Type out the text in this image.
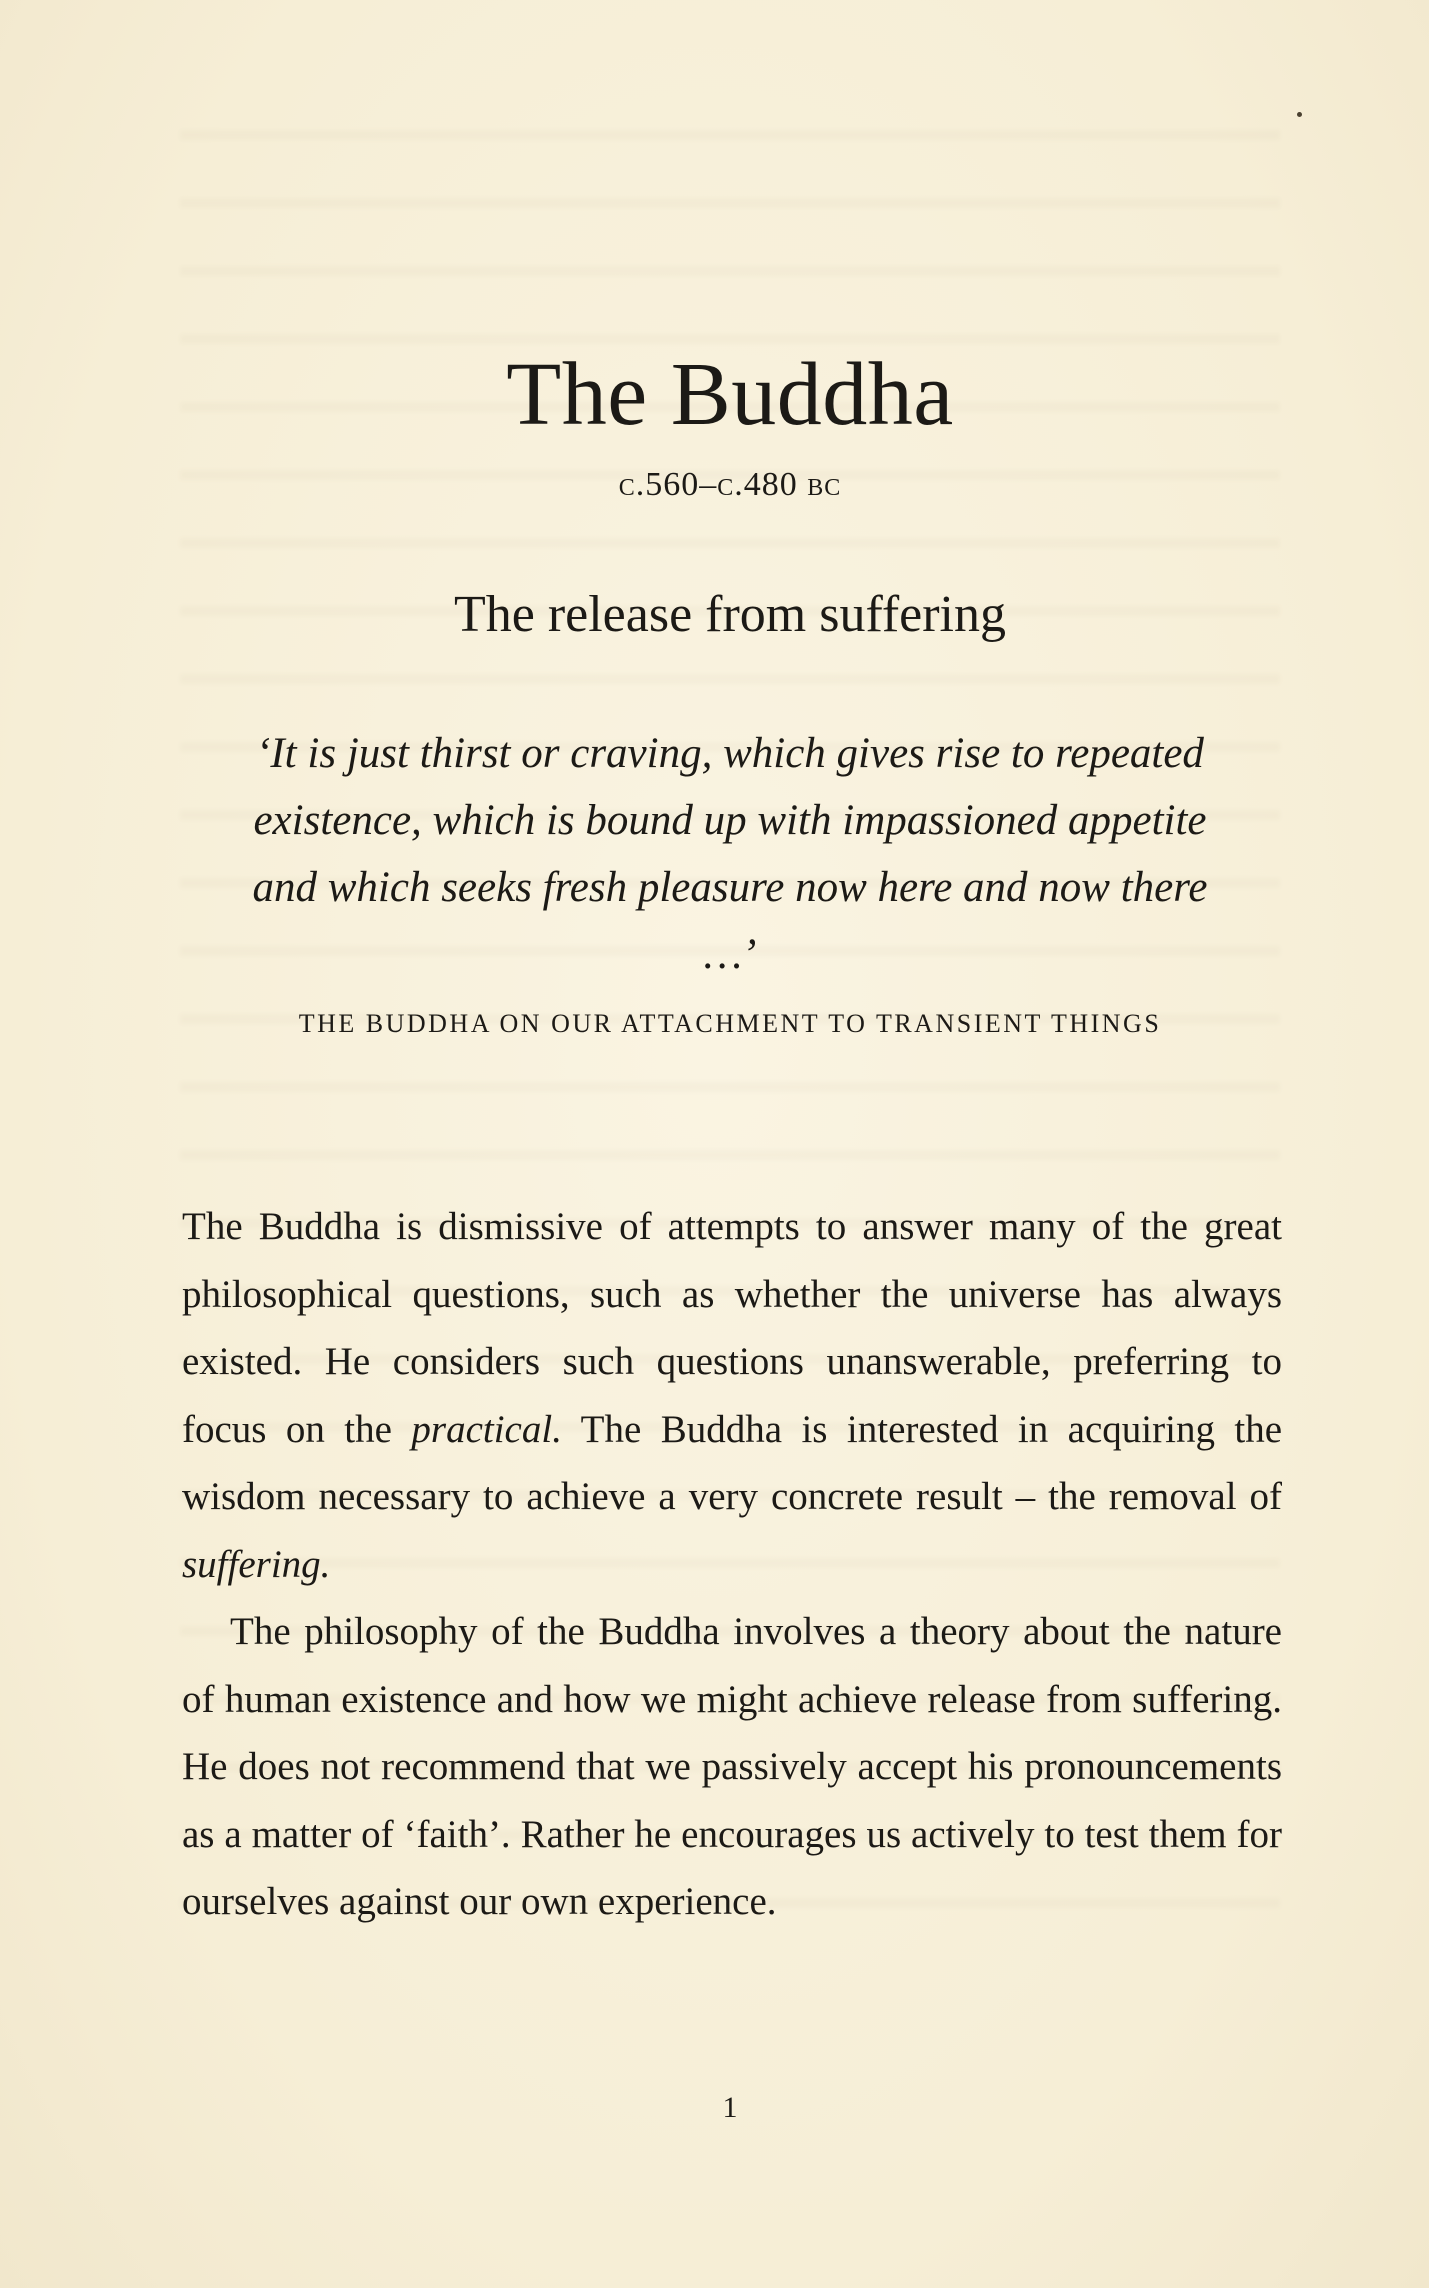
The Buddha
c.560–c.480 bc
The release from suffering
‘It is just thirst or craving, which gives rise to repeated existence, which is bound up with impassioned appetite and which seeks fresh pleasure now here and now there …’
THE BUDDHA ON OUR ATTACHMENT TO TRANSIENT THINGS

The Buddha is dismissive of attempts to answer many of the great philosophical questions, such as whether the universe has always existed. He considers such questions unanswerable, preferring to focus on the practical. The Buddha is interested in acquiring the wisdom necessary to achieve a very concrete result – the removal of suffering.

The philosophy of the Buddha involves a theory about the nature of human existence and how we might achieve release from suffering. He does not recommend that we passively accept his pronouncements as a matter of ‘faith’. Rather he encourages us actively to test them for ourselves against our own experience.

1
